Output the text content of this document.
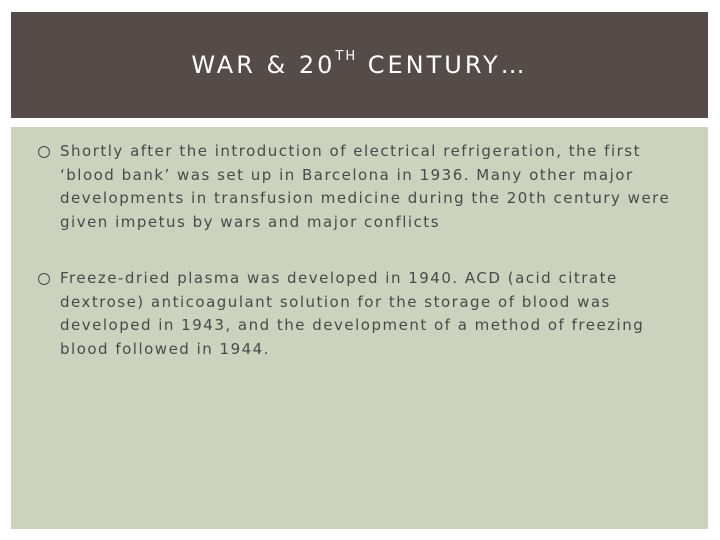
WAR & 20TH CENTURY…
Shortly after the introduction of electrical refrigeration, the first ‘blood bank’ was set up in Barcelona in 1936. Many other major developments in transfusion medicine during the 20th century were given impetus by wars and major conflicts
Freeze-dried plasma was developed in 1940. ACD (acid citrate dextrose) anticoagulant solution for the storage of blood was developed in 1943, and the development of a method of freezing blood followed in 1944.
